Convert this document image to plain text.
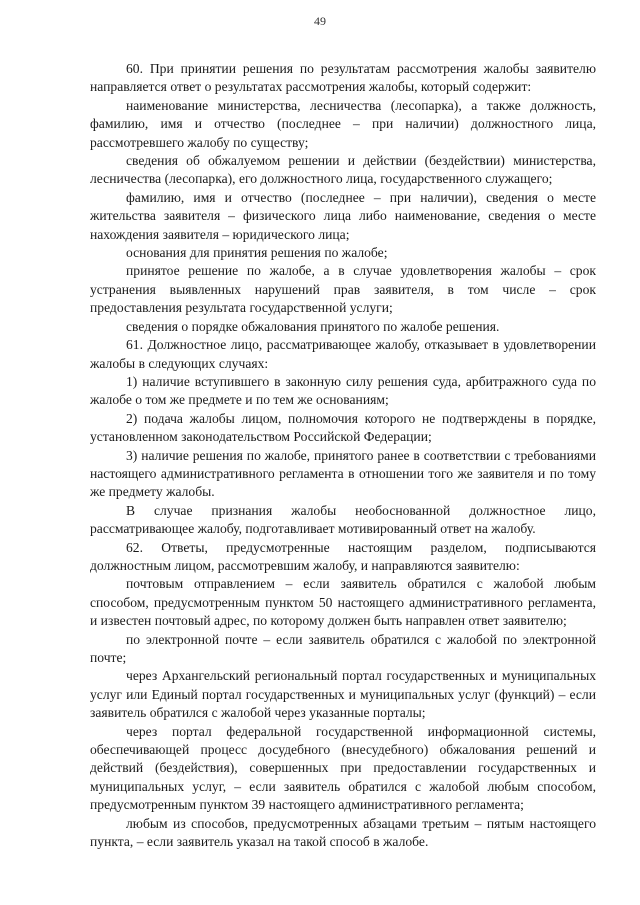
49

60. При принятии решения по результатам рассмотрения жалобы заявителю направляется ответ о результатах рассмотрения жалобы, который содержит:

наименование министерства, лесничества (лесопарка), а также должность, фамилию, имя и отчество (последнее – при наличии) должностного лица, рассмотревшего жалобу по существу;

сведения об обжалуемом решении и действии (бездействии) министерства, лесничества (лесопарка), его должностного лица, государственного служащего;

фамилию, имя и отчество (последнее – при наличии), сведения о месте жительства заявителя – физического лица либо наименование, сведения о месте нахождения заявителя – юридического лица;

основания для принятия решения по жалобе;

принятое решение по жалобе, а в случае удовлетворения жалобы – срок устранения выявленных нарушений прав заявителя, в том числе – срок предоставления результата государственной услуги;

сведения о порядке обжалования принятого по жалобе решения.

61. Должностное лицо, рассматривающее жалобу, отказывает в удовлетворении жалобы в следующих случаях:

1) наличие вступившего в законную силу решения суда, арбитражного суда по жалобе о том же предмете и по тем же основаниям;

2) подача жалобы лицом, полномочия которого не подтверждены в порядке, установленном законодательством Российской Федерации;

3) наличие решения по жалобе, принятого ранее в соответствии с требованиями настоящего административного регламента в отношении того же заявителя и по тому же предмету жалобы.

В случае признания жалобы необоснованной должностное лицо, рассматривающее жалобу, подготавливает мотивированный ответ на жалобу.

62. Ответы, предусмотренные настоящим разделом, подписываются должностным лицом, рассмотревшим жалобу, и направляются заявителю:

почтовым отправлением – если заявитель обратился с жалобой любым способом, предусмотренным пунктом 50 настоящего административного регламента, и известен почтовый адрес, по которому должен быть направлен ответ заявителю;

по электронной почте – если заявитель обратился с жалобой по электронной почте;

через Архангельский региональный портал государственных и муниципальных услуг или Единый портал государственных и муниципальных услуг (функций) – если заявитель обратился с жалобой через указанные порталы;

через портал федеральной государственной информационной системы, обеспечивающей процесс досудебного (внесудебного) обжалования решений и действий (бездействия), совершенных при предоставлении государственных и муниципальных услуг, – если заявитель обратился с жалобой любым способом, предусмотренным пунктом 39 настоящего административного регламента;

любым из способов, предусмотренных абзацами третьим – пятым настоящего пункта, – если заявитель указал на такой способ в жалобе.
